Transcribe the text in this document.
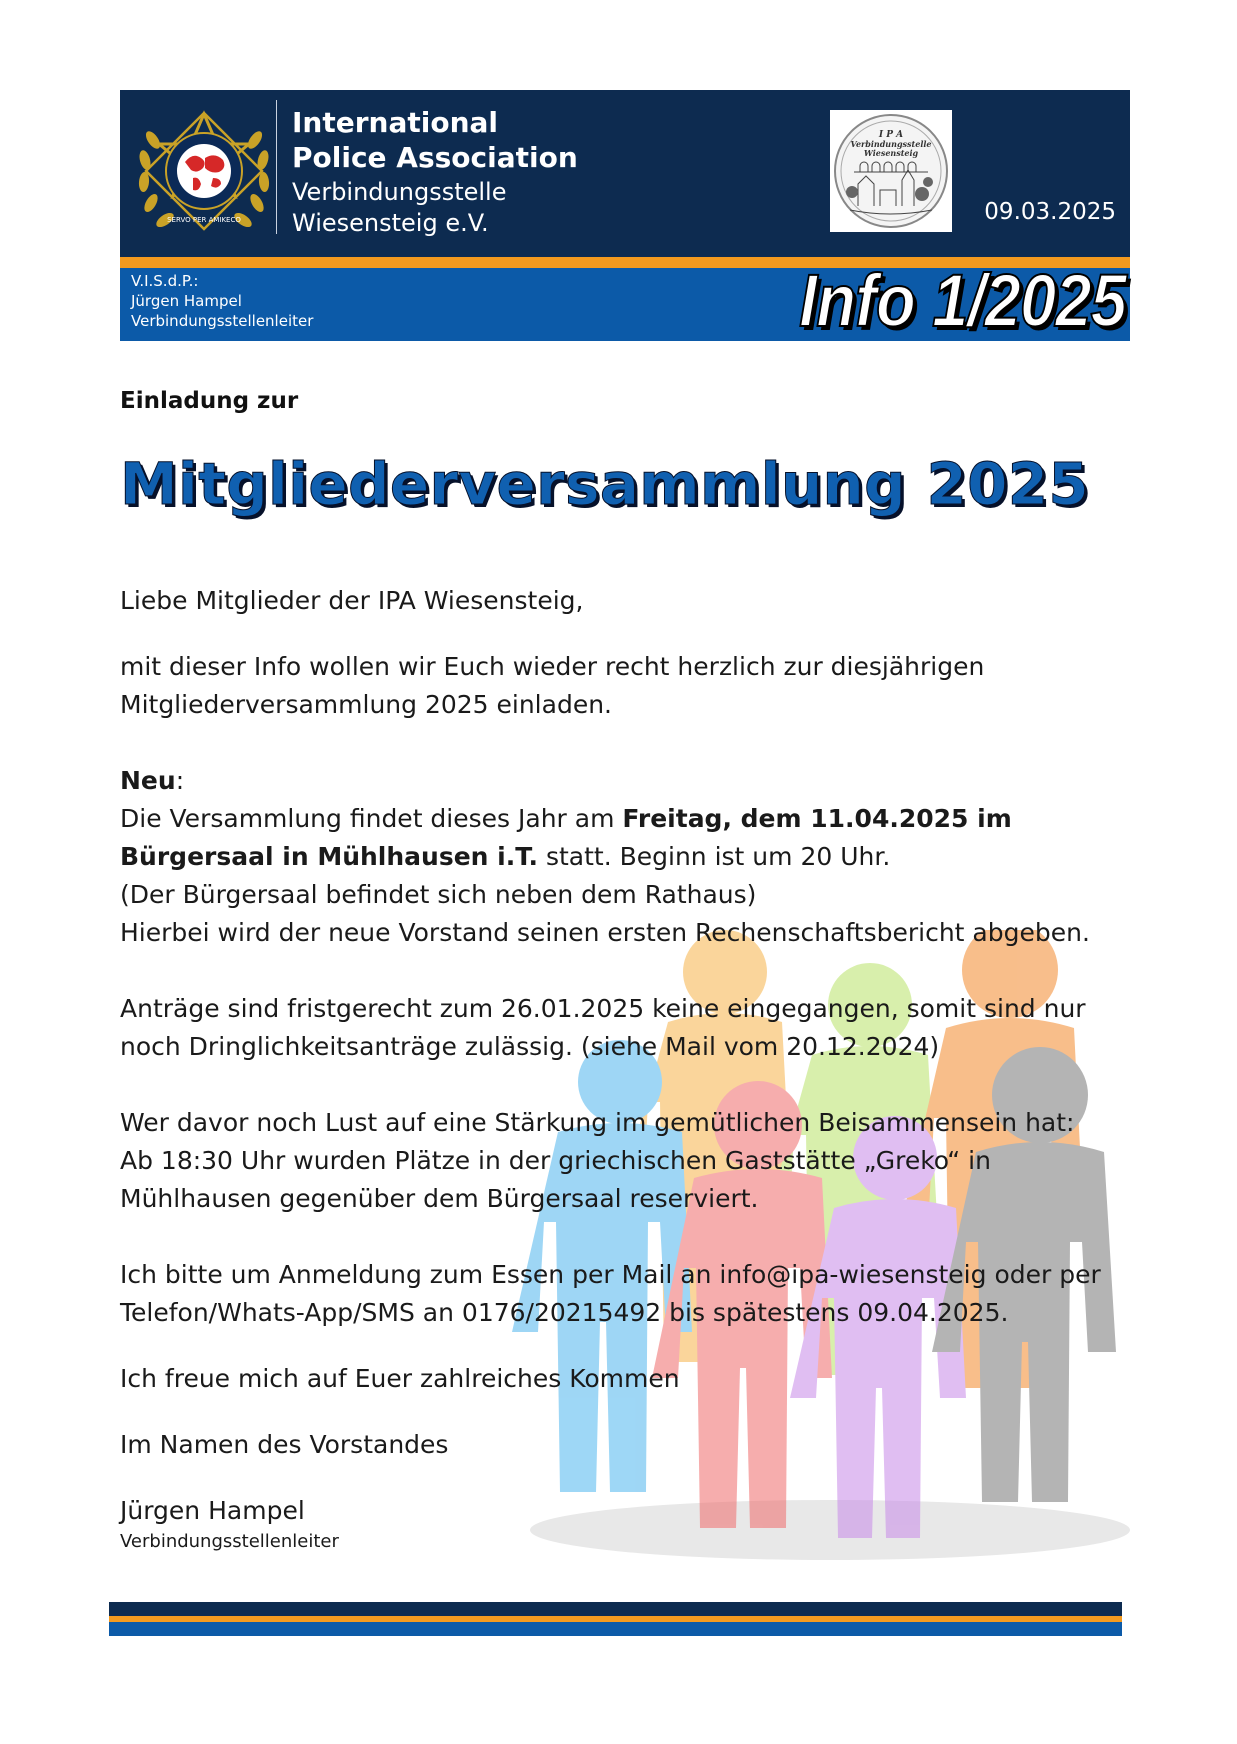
SERVO PER AMIKECO
International
Police Association
Verbindungsstelle
Wiesensteig e.V.
I P A
Verbindungsstelle
Wiesensteig
09.03.2025
V.I.S.d.P.:
Jürgen Hampel
Verbindungsstellenleiter	Info 1/2025
Einladung zur
Mitgliederversammlung 2025
Liebe Mitglieder der IPA Wiesensteig,
mit dieser Info wollen wir Euch wieder recht herzlich zur diesjährigen
Mitgliederversammlung 2025 einladen.
Neu:
Die Versammlung findet dieses Jahr am Freitag, dem 11.04.2025 im
Bürgersaal in Mühlhausen i.T. statt. Beginn ist um 20 Uhr.
(Der Bürgersaal befindet sich neben dem Rathaus)
Hierbei wird der neue Vorstand seinen ersten Rechenschaftsbericht abgeben.
Anträge sind fristgerecht zum 26.01.2025 keine eingegangen, somit sind nur
noch Dringlichkeitsanträge zulässig. (siehe Mail vom 20.12.2024)
Wer davor noch Lust auf eine Stärkung im gemütlichen Beisammensein hat:
Ab 18:30 Uhr wurden Plätze in der griechischen Gaststätte „Greko“ in
Mühlhausen gegenüber dem Bürgersaal reserviert.
Ich bitte um Anmeldung zum Essen per Mail an info@ipa-wiesensteig oder per
Telefon/Whats-App/SMS an 0176/20215492 bis spätestens 09.04.2025.
Ich freue mich auf Euer zahlreiches Kommen
Im Namen des Vorstandes
Jürgen Hampel
Verbindungsstellenleiter
